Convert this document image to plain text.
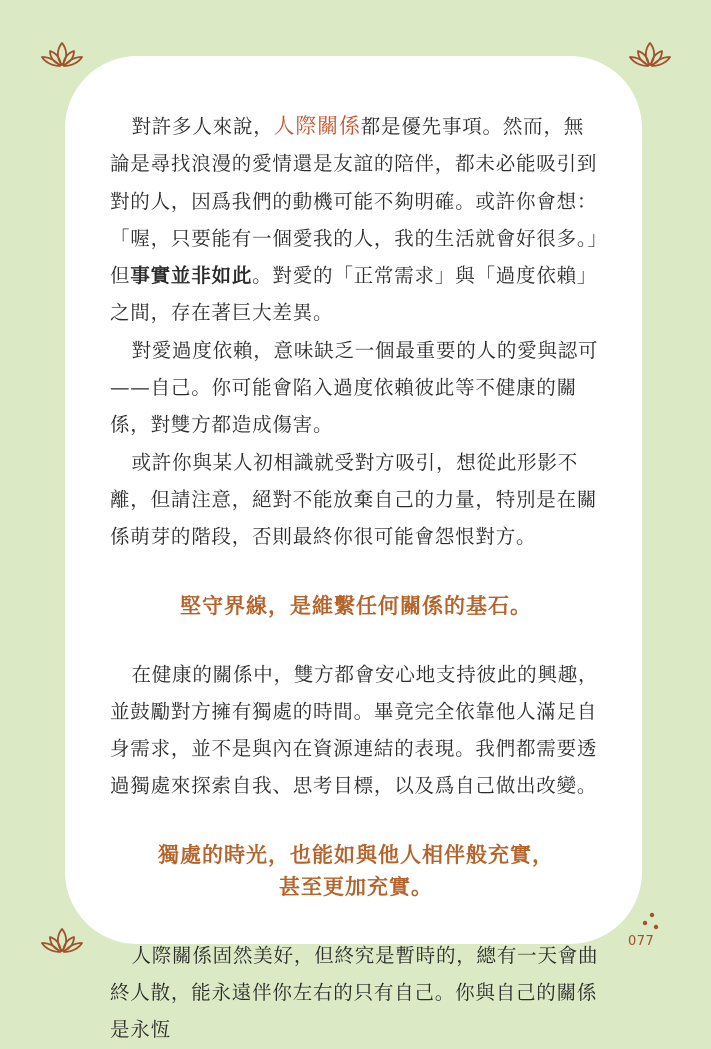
對許多人來說，人際關係都是優先事項。然而，無論是尋找浪漫的愛情還是友誼的陪伴，都未必能吸引到對的人，因爲我們的動機可能不夠明確。或許你會想：「喔，只要能有一個愛我的人，我的生活就會好很多。」但事實並非如此。對愛的「正常需求」與「過度依賴」之間，存在著巨大差異。

對愛過度依賴，意味缺乏一個最重要的人的愛與認可——自己。你可能會陷入過度依賴彼此等不健康的關係，對雙方都造成傷害。

或許你與某人初相識就受對方吸引，想從此形影不離，但請注意，絕對不能放棄自己的力量，特別是在關係萌芽的階段，否則最終你很可能會怨恨對方。

堅守界線，是維繫任何關係的基石。

在健康的關係中，雙方都會安心地支持彼此的興趣，並鼓勵對方擁有獨處的時間。畢竟完全依靠他人滿足自身需求，並不是與內在資源連結的表現。我們都需要透過獨處來探索自我、思考目標，以及爲自己做出改變。

獨處的時光，也能如與他人相伴般充實，
甚至更加充實。

人際關係固然美好，但終究是暫時的，總有一天會曲終人散，能永遠伴你左右的只有自己。你與自己的關係是永恆

077
